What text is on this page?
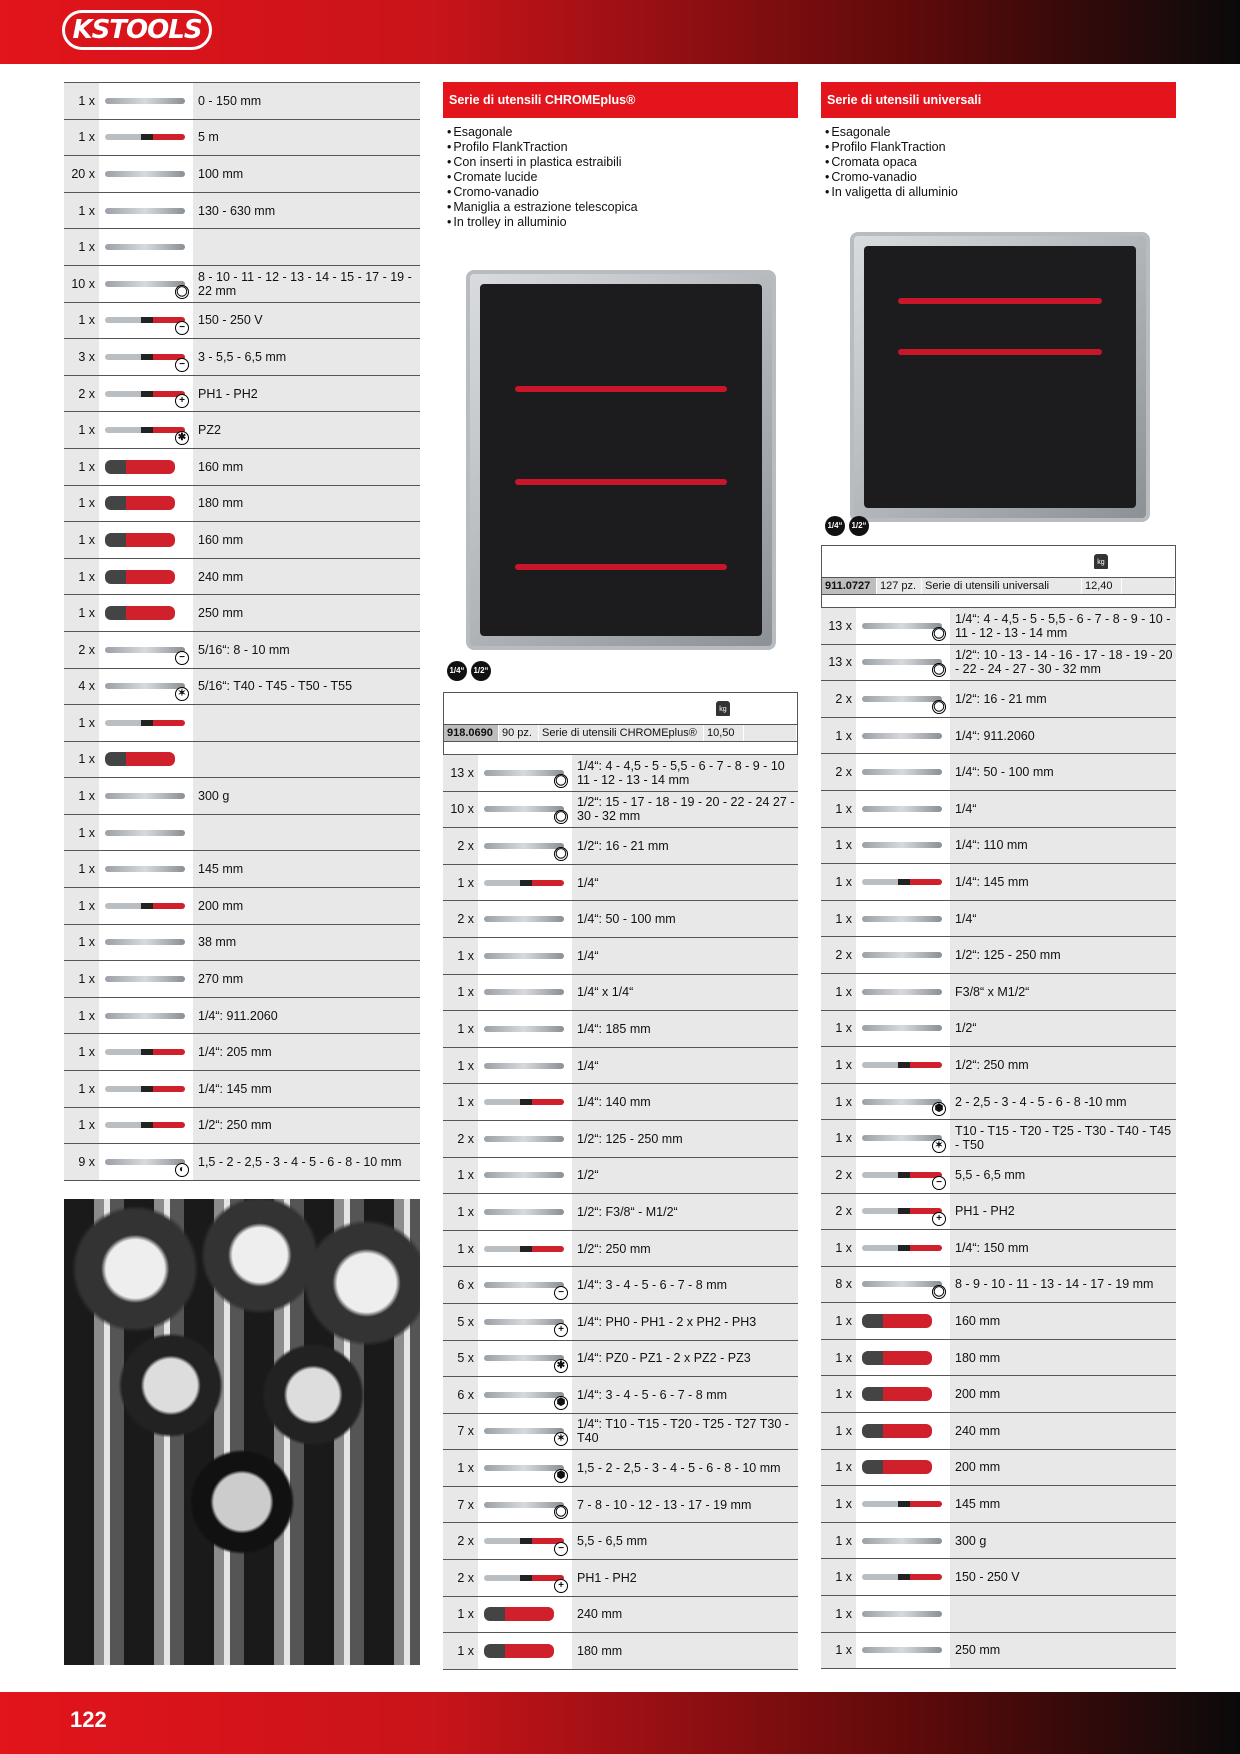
KSTOOLS
1 x		0 - 150 mm
1 x		5 m
20 x		100 mm
1 x		130 - 630 mm
1 x	

10 x	◯	8 - 10 - 11 - 12 - 13 - 14 - 15 - 17 - 19 - 22 mm
1 x	−	150 - 250 V
3 x	−	3 - 5,5 - 6,5 mm
2 x	+	PH1 - PH2
1 x	✱	PZ2
1 x		160 mm
1 x		180 mm
1 x		160 mm
1 x		240 mm
1 x		250 mm
2 x	−	5/16“: 8 - 10 mm
4 x	✶	5/16“: T40 - T45 - T50 - T55
1 x	

1 x	

1 x		300 g
1 x	

1 x		145 mm
1 x		200 mm
1 x		38 mm
1 x		270 mm
1 x		1/4“: 911.2060
1 x		1/4“: 205 mm
1 x		1/4“: 145 mm
1 x		1/2“: 250 mm
9 x	◐	1,5 - 2 - 2,5 - 3 - 4 - 5 - 6 - 8 - 10 mm
Serie di utensili CHROMEplus®
• Esagonale
• Profilo FlankTraction
• Con inserti in plastica estraibili
• Cromate lucide
• Cromo-vanadio
• Maniglia a estrazione telescopica
• In trolley in alluminio
1/4“	1/2“
kg
918.0690 90 pz. Serie di utensili CHROMEplus® 10,50
13 x	◯	1/4“: 4 - 4,5 - 5 - 5,5 - 6 - 7 - 8 - 9 - 10 11 - 12 - 13 - 14 mm
10 x	◯	1/2“: 15 - 17 - 18 - 19 - 20 - 22 - 24 27 - 30 - 32 mm
2 x	◯	1/2“: 16 - 21 mm
1 x		1/4“
2 x		1/4“: 50 - 100 mm
1 x		1/4“
1 x		1/4“ x 1/4“
1 x		1/4“: 185 mm
1 x		1/4“
1 x		1/4“: 140 mm
2 x		1/2“: 125 - 250 mm
1 x		1/2“
1 x		1/2“: F3/8“ - M1/2“
1 x		1/2“: 250 mm
6 x	−	1/4“: 3 - 4 - 5 - 6 - 7 - 8 mm
5 x	+	1/4“: PH0 - PH1 - 2 x PH2 - PH3
5 x	✱	1/4“: PZ0 - PZ1 - 2 x PZ2 - PZ3
6 x	⬢	1/4“: 3 - 4 - 5 - 6 - 7 - 8 mm
7 x	✶	1/4“: T10 - T15 - T20 - T25 - T27 T30 - T40
1 x	⬢	1,5 - 2 - 2,5 - 3 - 4 - 5 - 6 - 8 - 10 mm
7 x	◯	7 - 8 - 10 - 12 - 13 - 17 - 19 mm
2 x	−	5,5 - 6,5 mm
2 x	+	PH1 - PH2
1 x		240 mm
1 x		180 mm
Serie di utensili universali
• Esagonale
• Profilo FlankTraction
• Cromata opaca
• Cromo-vanadio
• In valigetta di alluminio
1/4“	1/2“
kg
911.0727 127 pz. Serie di utensili universali	12,40
13 x	◯	1/4“: 4 - 4,5 - 5 - 5,5 - 6 - 7 - 8 - 9 - 10 - 11 - 12 - 13 - 14 mm
13 x	◯	1/2“: 10 - 13 - 14 - 16 - 17 - 18 - 19 - 20 - 22 - 24 - 27 - 30 - 32 mm
2 x	◯	1/2“: 16 - 21 mm
1 x		1/4“: 911.2060
2 x		1/4“: 50 - 100 mm
1 x		1/4“
1 x		1/4“: 110 mm
1 x		1/4“: 145 mm
1 x		1/4“
2 x		1/2“: 125 - 250 mm
1 x		F3/8“ x M1/2“
1 x		1/2“
1 x		1/2“: 250 mm
1 x	⬢	2 - 2,5 - 3 - 4 - 5 - 6 - 8 -10 mm
1 x	✶	T10 - T15 - T20 - T25 - T30 - T40 - T45 - T50
2 x	−	5,5 - 6,5 mm
2 x	+	PH1 - PH2
1 x		1/4“: 150 mm
8 x	◯	8 - 9 - 10 - 11 - 13 - 14 - 17 - 19 mm
1 x		160 mm
1 x		180 mm
1 x		200 mm
1 x		240 mm
1 x		200 mm
1 x		145 mm
1 x		300 g
1 x		150 - 250 V
1 x	

1 x		250 mm
122
